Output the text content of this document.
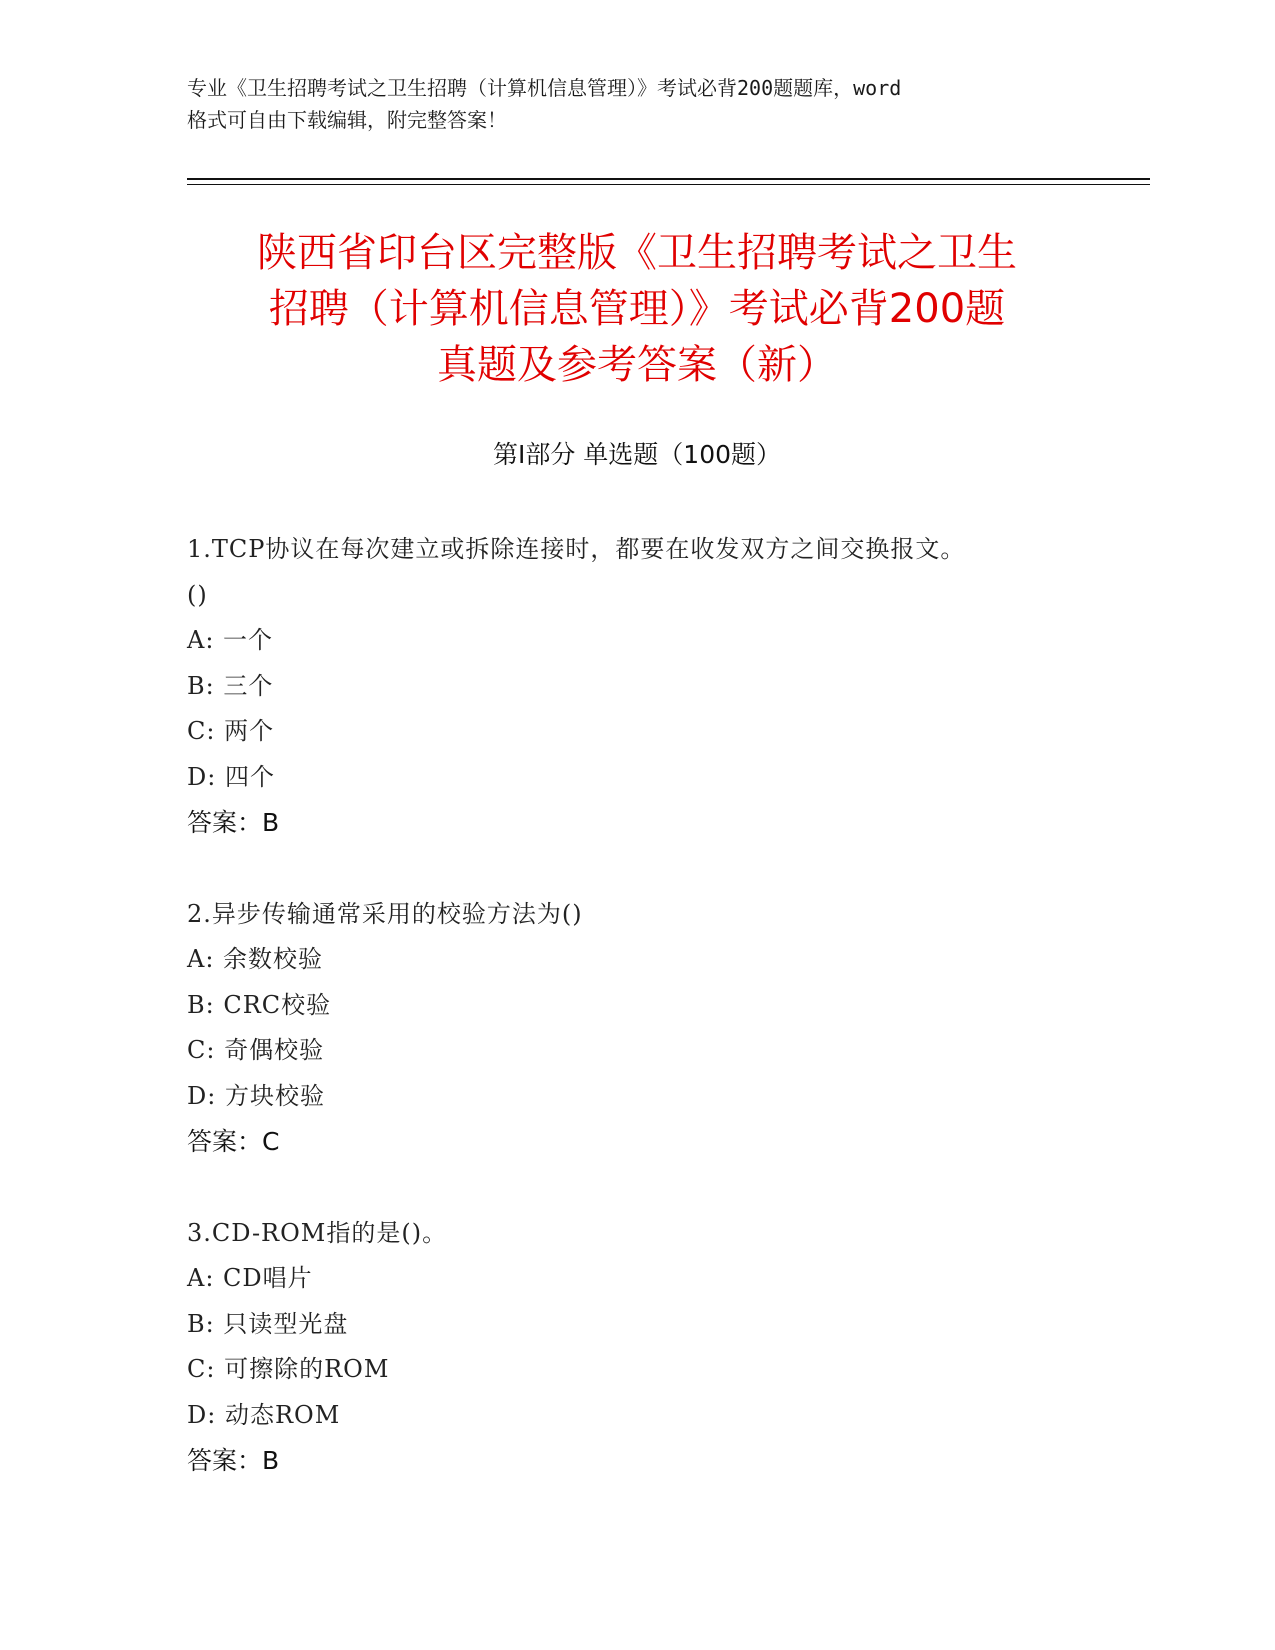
专业《卫生招聘考试之卫生招聘（计算机信息管理）》考试必背200题题库，word
格式可自由下载编辑，附完整答案！
陕西省印台区完整版《卫生招聘考试之卫生
招聘（计算机信息管理）》考试必背200题
真题及参考答案（新）
第Ⅰ部分 单选题（100题）
1.TCP协议在每次建立或拆除连接时，都要在收发双方之间交换报文。
()
A: 一个
B: 三个
C: 两个
D: 四个
答案：B
2.异步传输通常采用的校验方法为()
A: 余数校验
B: CRC校验
C: 奇偶校验
D: 方块校验
答案：C
3.CD-ROM指的是()。
A: CD唱片
B: 只读型光盘
C: 可擦除的ROM
D: 动态ROM
答案：B
